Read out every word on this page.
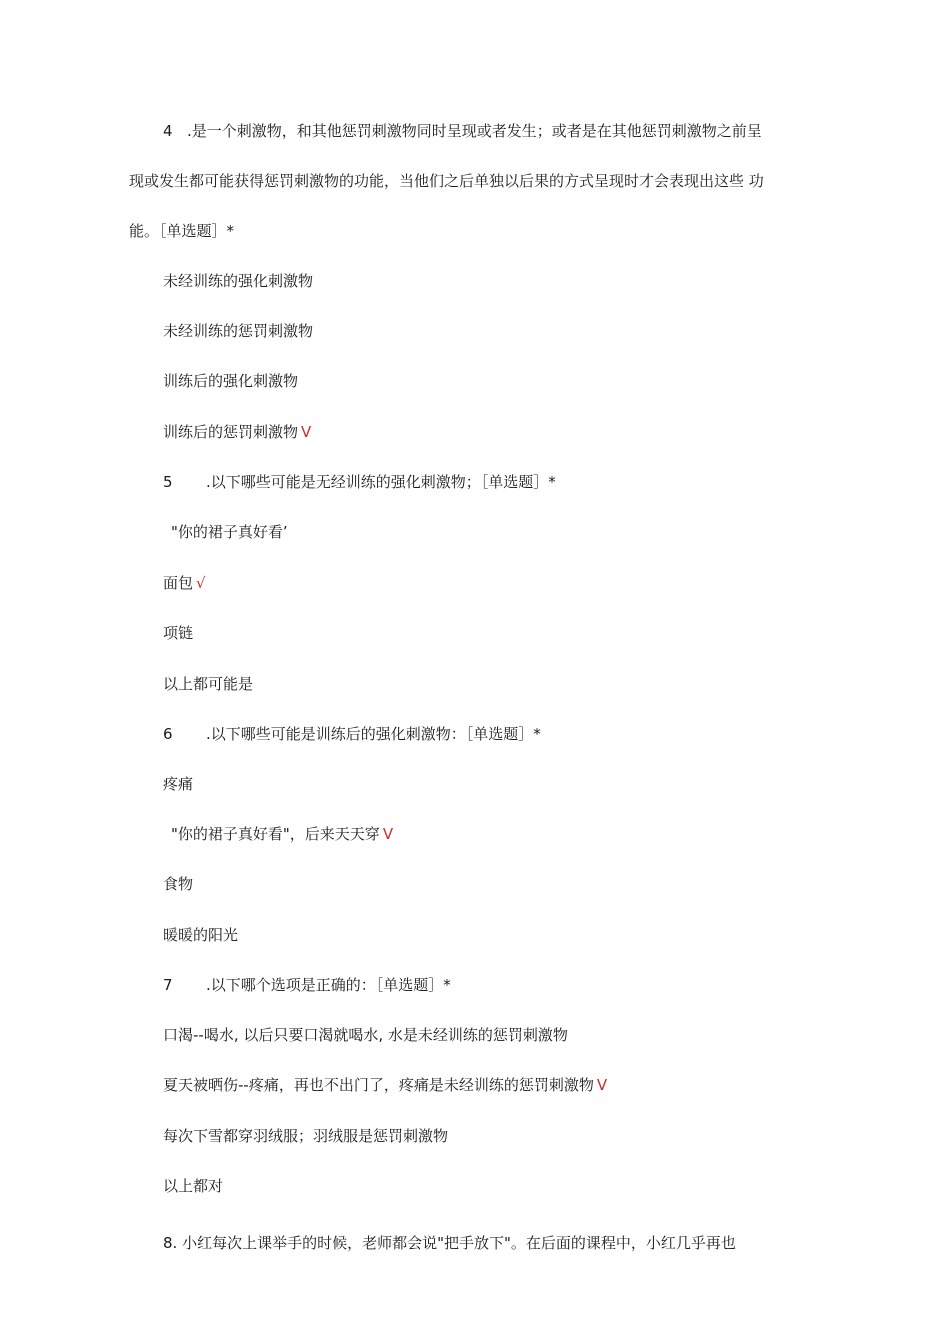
4 .是一个刺激物，和其他惩罚刺激物同时呈现或者发生；或者是在其他惩罚刺激物之前呈
现或发生都可能获得惩罚刺激物的功能，当他们之后单独以后果的方式呈现时才会表现出这些 功
能。［单选题］*
未经训练的强化刺激物
未经训练的惩罚刺激物
训练后的强化刺激物
训练后的惩罚刺激物 V
5 .以下哪些可能是无经训练的强化刺激物；［单选题］*
"你的裙子真好看’
面包 √
项链
以上都可能是
6 .以下哪些可能是训练后的强化刺激物：［单选题］*
疼痛
"你的裙子真好看"，后来天天穿 V
食物
暖暖的阳光
7 .以下哪个选项是正确的：［单选题］*
口渴--喝水, 以后只要口渴就喝水, 水是未经训练的惩罚刺激物
夏天被晒伤--疼痛，再也不出门了，疼痛是未经训练的惩罚刺激物 V
每次下雪都穿羽绒服；羽绒服是惩罚刺激物
以上都对
8. 小红每次上课举手的时候，老师都会说"把手放下"。在后面的课程中，小红几乎再也
